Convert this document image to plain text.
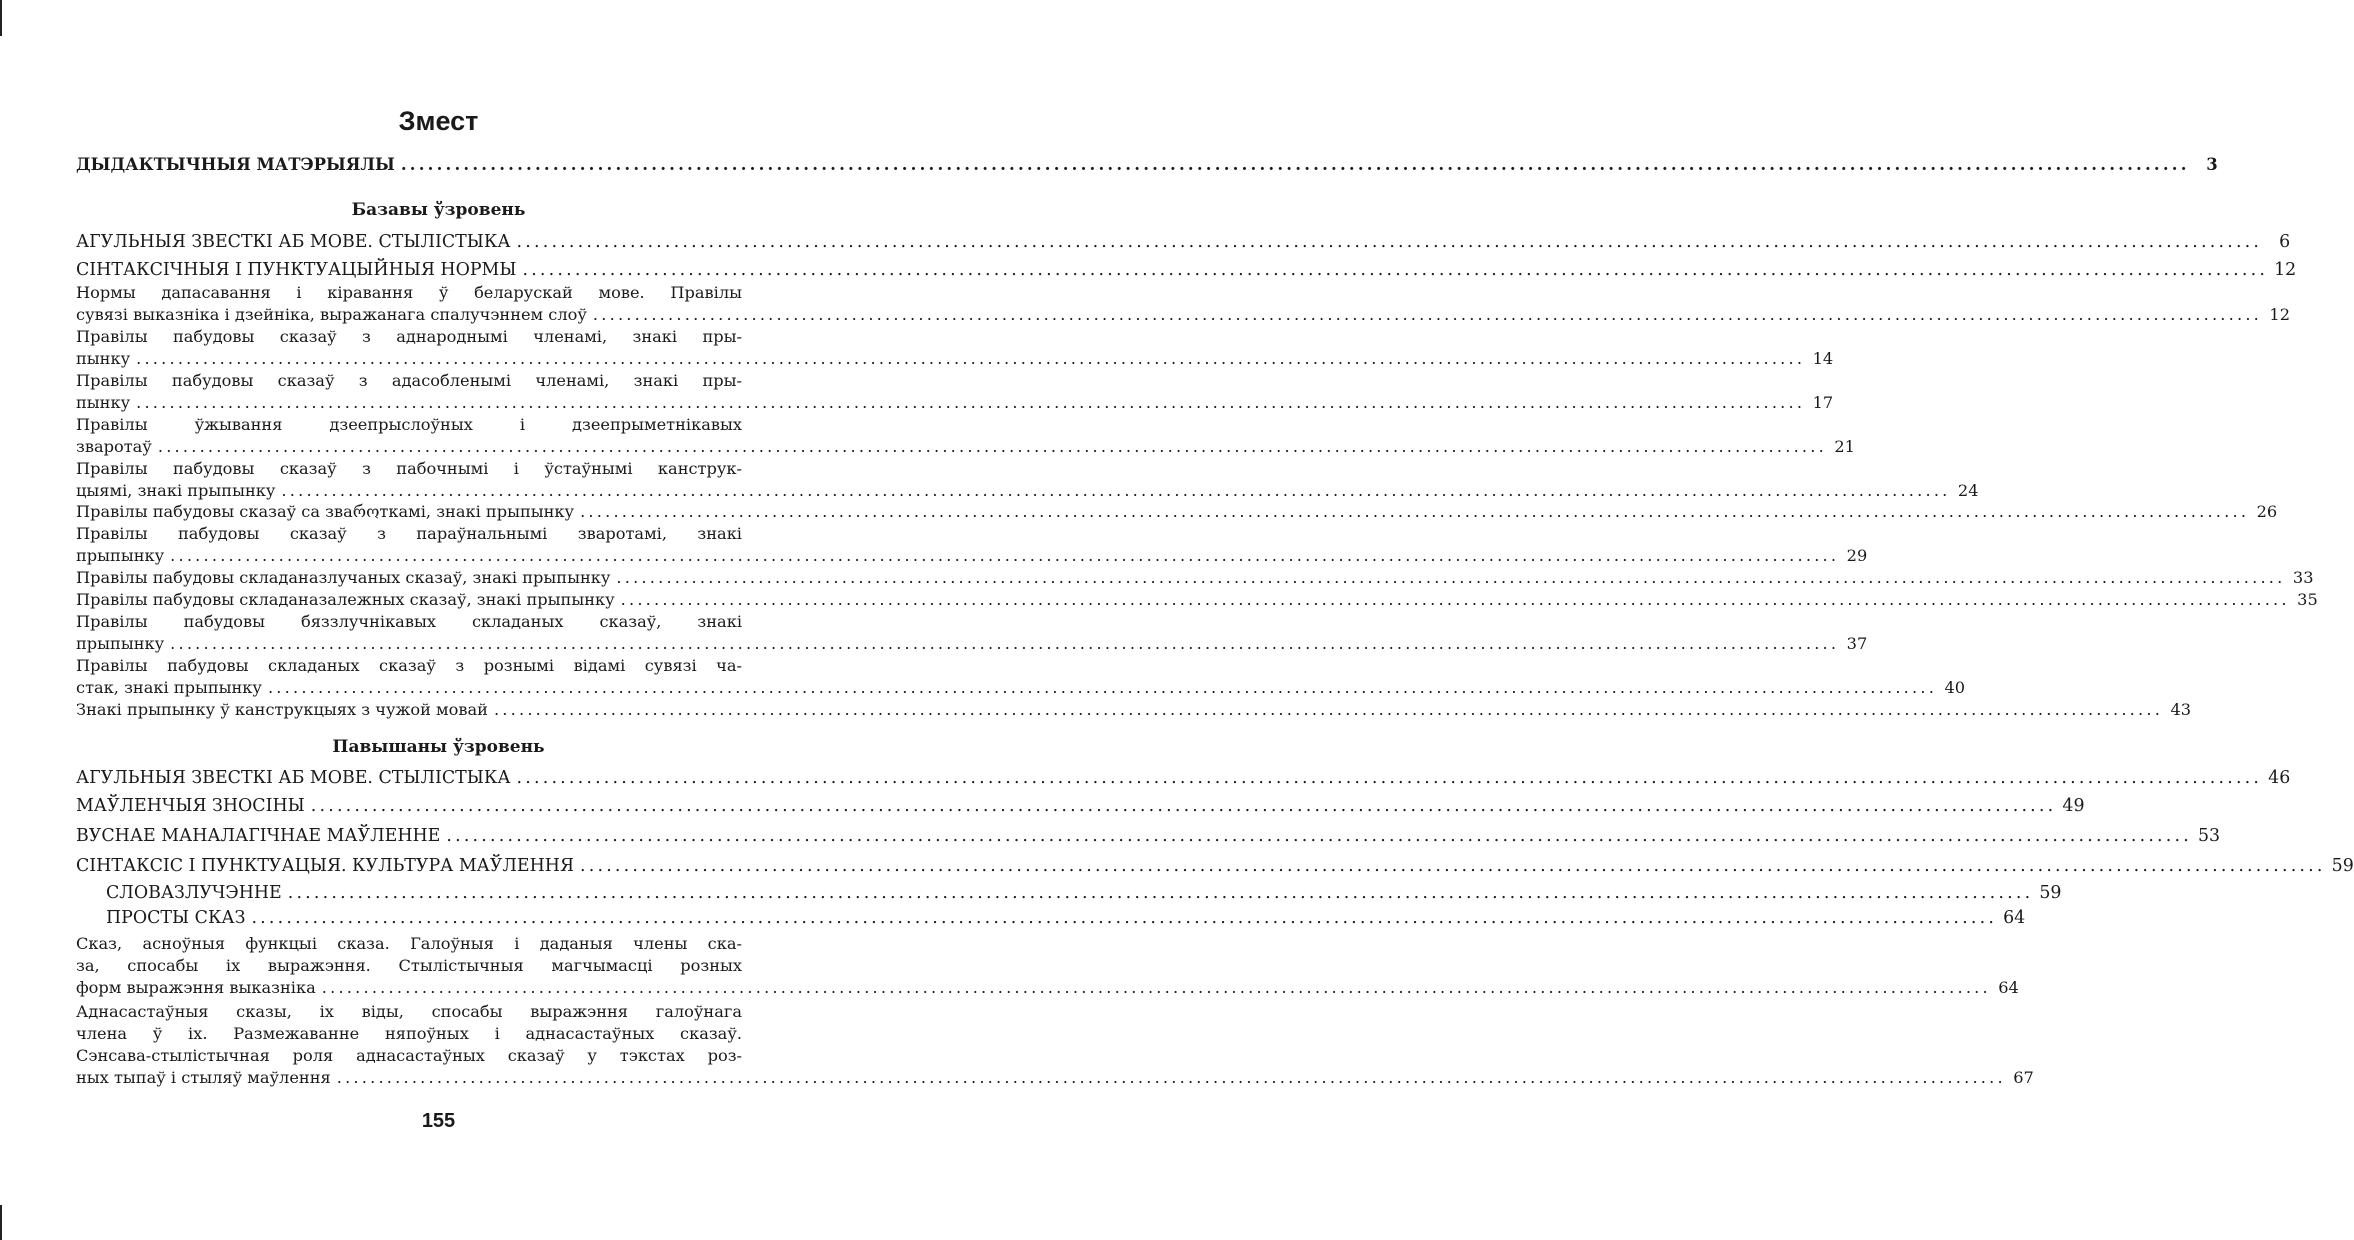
Змест
Базавы ўзровень
Павышаны ўзровень
ДЫДАКТЫЧНЫЯ МАТЭРЫЯЛЫ ........................................................................................................................................................................................................	3
АГУЛЬНЫЯ ЗВЕСТКІ АБ МОВЕ. СТЫЛІСТЫКА ........................................................................................................................................................................................................ 6
СІНТАКСІЧНЫЯ І ПУНКТУАЦЫЙНЫЯ НОРМЫ ........................................................................................................................................................................................................ 12
Нормы дапасавання і кіравання ў беларускай мове. Правілы
сувязі выказніка і дзейніка, выражанага спалучэннем слоў ........................................................................................................................................................................................................ 12
Правілы пабудовы сказаў з аднароднымі членамі, знакі пры-
пынку ........................................................................................................................................................................................................ 14
Правілы пабудовы сказаў з адасобленымі членамі, знакі пры-
пынку ........................................................................................................................................................................................................ 17
Правілы ўжывання дзеепрыслоўных і дзеепрыметнікавых
зваротаў ........................................................................................................................................................................................................ 21
Правілы пабудовы сказаў з пабочнымі і ўстаўнымі канструк-
цыямі, знакі прыпынку ........................................................................................................................................................................................................ 24
Правілы пабудовы сказаў са зваროткамі, знакі прыпынку ........................................................................................................................................................................................................ 26
Правілы пабудовы сказаў з параўнальнымі зваротамі, знакі
прыпынку ........................................................................................................................................................................................................ 29
Правілы пабудовы складаназлучаных сказаў, знакі прыпынку ........................................................................................................................................................................................................ 33
Правілы пабудовы складаназалежных сказаў, знакі прыпынку ........................................................................................................................................................................................................ 35
Правілы пабудовы бяззлучнікавых складаных сказаў, знакі
прыпынку ........................................................................................................................................................................................................ 37
Правілы пабудовы складаных сказаў з рознымі відамі сувязі ча-
стак, знакі прыпынку ........................................................................................................................................................................................................ 40
Знакі прыпынку ў канструкцыях з чужой мовай ........................................................................................................................................................................................................ 43
АГУЛЬНЫЯ ЗВЕСТКІ АБ МОВЕ. СТЫЛІСТЫКА ........................................................................................................................................................................................................ 46
МАЎЛЕНЧЫЯ ЗНОСІНЫ ........................................................................................................................................................................................................ 49
ВУСНАЕ МАНАЛАГІЧНАЕ МАЎЛЕННЕ ........................................................................................................................................................................................................ 53
СІНТАКСІС І ПУНКТУАЦЫЯ. КУЛЬТУРА МАЎЛЕННЯ ........................................................................................................................................................................................................ 59
СЛОВАЗЛУЧЭННЕ ........................................................................................................................................................................................................ 59
ПРОСТЫ СКАЗ ........................................................................................................................................................................................................ 64
Сказ, асноўныя функцыі сказа. Галоўныя і даданыя члены ска-
за, спосабы іх выражэння. Стылістычныя магчымасці розных
форм выражэння выказніка ........................................................................................................................................................................................................ 64
Аднасастаўныя сказы, іх віды, спосабы выражэння галоўнага
члена ў іх. Размежаванне няпоўных і аднасастаўных сказаў.
Сэнсава-стылістычная роля аднасастаўных сказаў у тэкстах роз-
ных тыпаў і стыляў маўлення ........................................................................................................................................................................................................ 67
155
